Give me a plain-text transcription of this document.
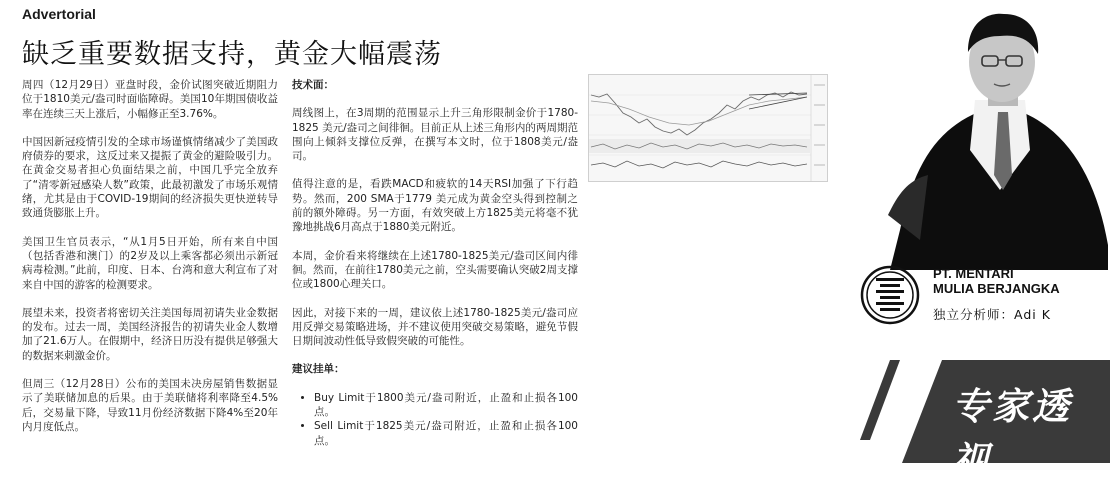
Advertorial
缺乏重要数据支持，黄金大幅震荡

周四（12月29日）亚盘时段，金价试图突破近期阻力位于1810美元/盎司时面临障碍。美国10年期国债收益率在连续三天上涨后，小幅修正至3.76%。

中国因新冠疫情引发的全球市场谨慎情绪减少了美国政府债券的要求，这反过来又提振了黄金的避险吸引力。在黄金交易者担心负面结果之前，中国几乎完全放弃了“清零新冠感染人数”政策，此最初激发了市场乐观情绪，尤其是由于COVID-19期间的经济损失更快逆转导致通货膨胀上升。

美国卫生官员表示，“从1月5日开始，所有来自中国（包括香港和澳门）的2岁及以上乘客都必须出示新冠病毒检测。”此前，印度、日本、台湾和意大利宣布了对来自中国的游客的检测要求。

展望未来，投资者将密切关注美国每周初请失业金数据的发布。过去一周，美国经济报告的初请失业金人数增加了21.6万人。在假期中，经济日历没有提供足够强大的数据来刺激金价。

但周三（12月28日）公布的美国未决房屋销售数据显示了美联储加息的后果。由于美联储将利率降至4.5%后，交易量下降，导致11月份经济数据下降4%至20年内月度低点。

技术面：

周线图上，在3周期的范围显示上升三角形限制金价于1780-1825 美元/盎司之间徘徊。目前正从上述三角形内的两周期范围向上倾斜支撑位反弹，在撰写本文时，位于1808美元/盎司。

值得注意的是，看跌MACD和疲软的14天RSI加强了下行趋势。然而，200 SMA于1779 美元成为黄金空头得到控制之前的额外障碍。另一方面，有效突破上方1825美元将毫不犹豫地挑战6月高点于1880美元附近。

本周，金价看来将继续在上述1780-1825美元/盎司区间内徘徊。然而，在前往1780美元之前，空头需要确认突破2周支撑位或1800心理关口。

因此，对接下来的一周，建议依上述1780-1825美元/盎司应用反弹交易策略进场，并不建议使用突破交易策略，避免节假日期间波动性低导致假突破的可能性。

建议挂单：

• Buy Limit于1800美元/盎司附近，止盈和止损各100 点。
• Sell Limit于1825美元/盎司附近，止盈和止损各100 点。
PT. MENTARI
MULIA BERJANGKA
独立分析师：Adi K
专家透视
